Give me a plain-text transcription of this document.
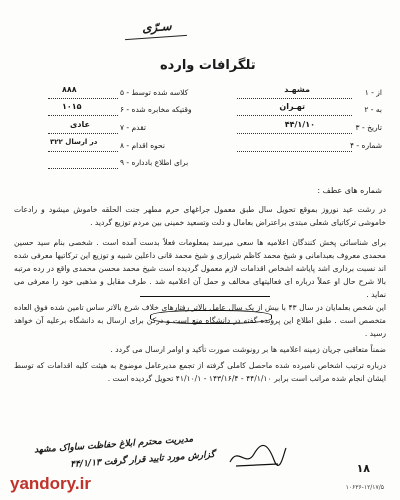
سـرّی
تلگرافات وارده
از - ۱
مشهـد
به - ۲
تهـران
تاریخ - ۳
۴۴/۱/۱۰
شماره - ۴
۵ - کلاسه شده توسط
۸۸۸
۶ - وقتیکه مخابره شده
۱۰۱۵
۷ - تقدم
عادی
۸ - نحوه اقدام
در ارسال ۳۲۲
۹ - برای اطلاع بادداره
شماره های عطف :

در رشت عید نوروز بموقع تحویل سال طبق معمول جراغهای حرم مطهر جنت الحلقه خاموش میشود و رادعات خاموشی ترکاتیای شعلی مبتدی براعتراض بعامال و دلت وتسعید خمینی بین مردم توزیع گردید .

برای شناسائی پخش کنندگان اعلامیه ها سعی میرسد بمعلومات فعلاً بدست آمده است . شخصی بنام سید حسین محمدی معروف بعبدامانی و شیخ محمد کاظم شیرازی و شیخ محمد قانی داعلین شبیه و توزیع این ترکاتیها معرفی شده اند نسبت برداری اشد پایاشه اشخاص اقدامات لازم معمول گردیده است شیخ محمد محسن محمدی واقع در رده مرتبه بالا شرح حال او عملاً درباره ای فعالیتهای مخالف و حمل آن اعلامیه شد . طرف مقابل و مذهبی خود را معرفی می نماید .

این شخص بعلمایان در سال ۴۳ با بیش از یک سال عامل بالاتر رفتارهای خلاف شرع بالاتر ساس تامین شده فوق العاده متخصص است . طبق اطلاع این پرونده گفته در دانشگاه منع است و درکن برای ارسال به دانشگاه برعلیه آن خواهد رسید .

ضمناً متعاقبی جریان زمینه اعلامیه ها بر رونوشت صورت تأکید و اوامر ارسال می گردد .

درباره ترتیب اشخاص نامبرده شده ماحصل کاملی گرفته از تجمع مدیرعامل موضوع به هیئت کلیه اقدامات که توسط ایشان انجام شده مراتب است برابر ۴۴/۱/۱۰ - ۱۴۳/۱۶/۴ - ۴۱/۱۰/۱ تحویل گردیده است .

مدیریت محترم ابلاغ حفاظت ساواک مشهد
گزارش مورد تایید قرار گرفت ۴۴/۱/۱۳
۱۸
۱۰۶۳۶-۱۲/۱۷/۵
yandory.ir
